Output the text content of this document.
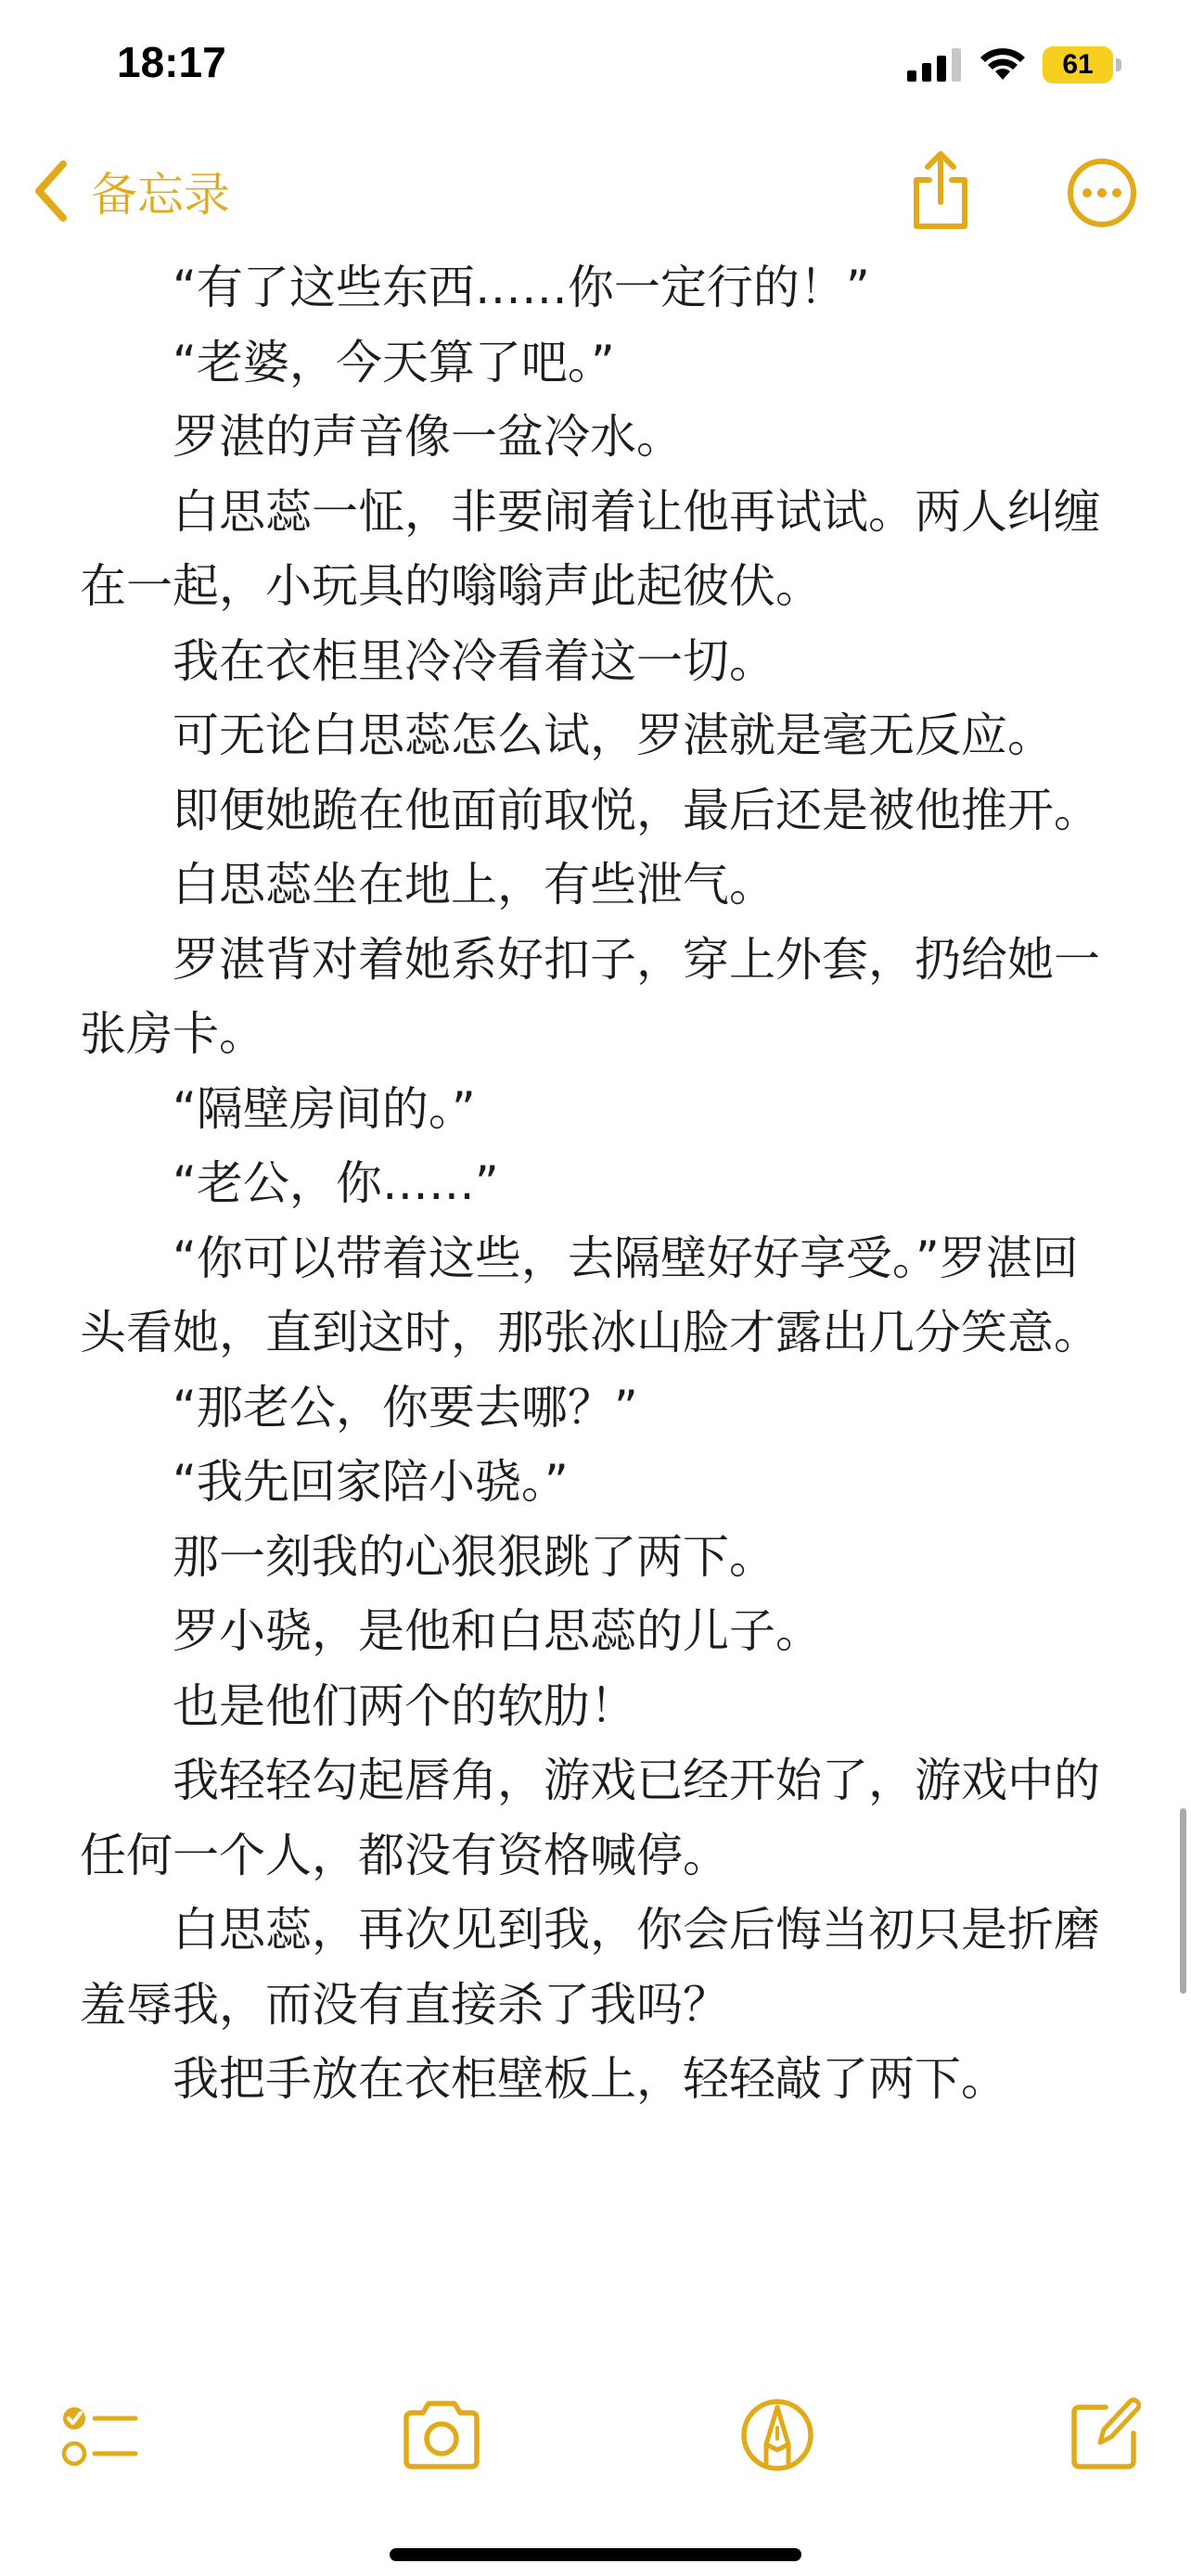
18:17	61
备忘录

“有了这些东西……你一定行的！”

“老婆，今天算了吧。”

罗湛的声音像一盆冷水。

白思蕊一怔，非要闹着让他再试试。两人纠缠在一起，小玩具的嗡嗡声此起彼伏。

我在衣柜里冷冷看着这一切。

可无论白思蕊怎么试，罗湛就是毫无反应。

即便她跪在他面前取悦，最后还是被他推开。

白思蕊坐在地上，有些泄气。

罗湛背对着她系好扣子，穿上外套，扔给她一张房卡。

“隔壁房间的。”

“老公，你……”

“你可以带着这些，去隔壁好好享受。”罗湛回头看她，直到这时，那张冰山脸才露出几分笑意。

“那老公，你要去哪？”

“我先回家陪小骁。”

那一刻我的心狠狠跳了两下。

罗小骁，是他和白思蕊的儿子。

也是他们两个的软肋！

我轻轻勾起唇角，游戏已经开始了，游戏中的任何一个人，都没有资格喊停。

白思蕊，再次见到我，你会后悔当初只是折磨羞辱我，而没有直接杀了我吗？

我把手放在衣柜壁板上，轻轻敲了两下。
